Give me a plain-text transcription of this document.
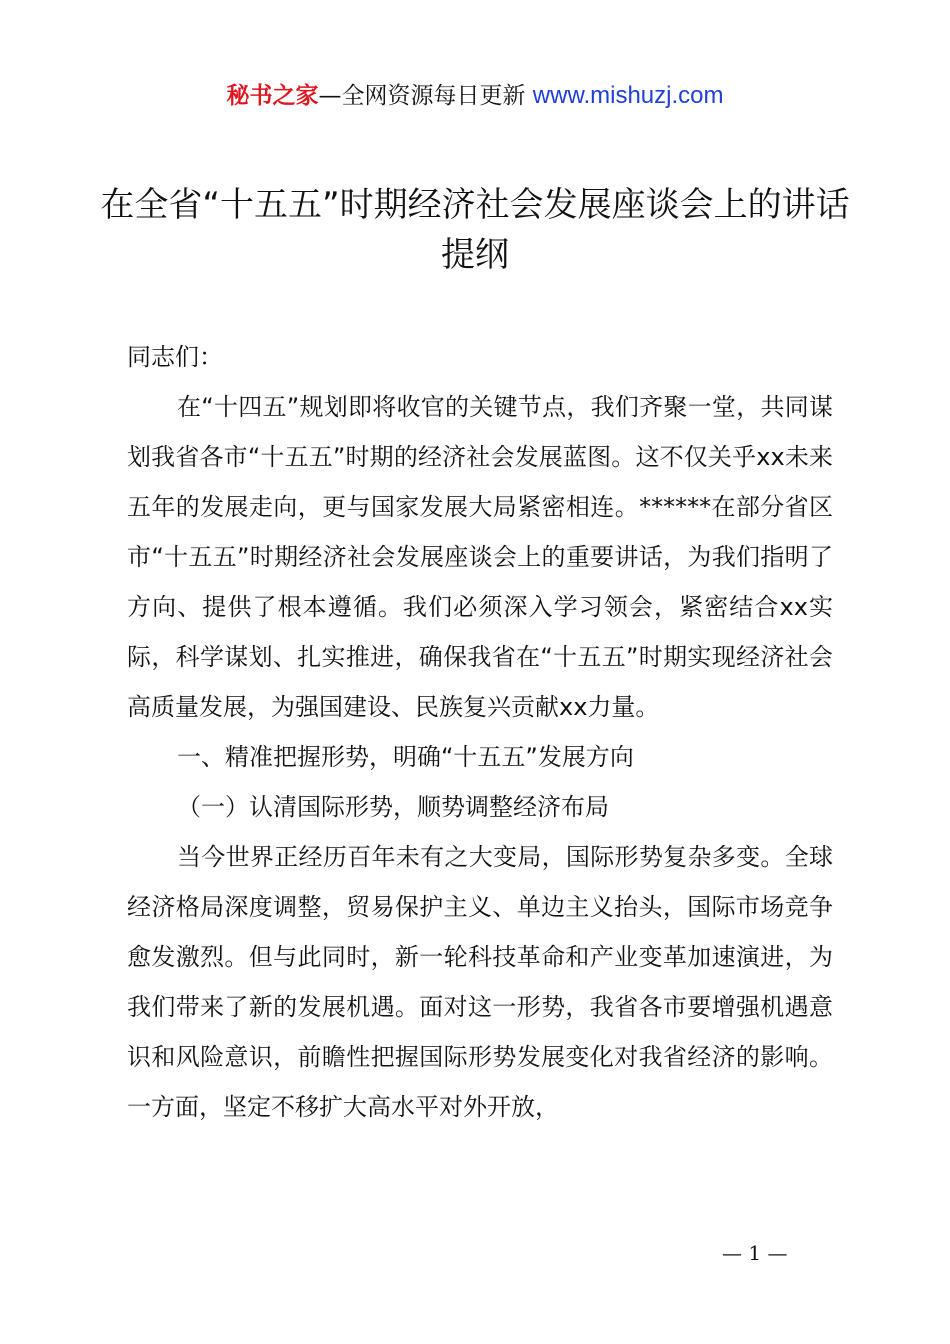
秘书之家—全网资源每日更新 www.mishuzj.com
在全省“十五五”时期经济社会发展座谈会上的讲话提纲

同志们：

在“十四五”规划即将收官的关键节点，我们齐聚一堂，共同谋划我省各市“十五五”时期的经济社会发展蓝图。这不仅关乎xx未来五年的发展走向，更与国家发展大局紧密相连。******在部分省区市“十五五”时期经济社会发展座谈会上的重要讲话，为我们指明了方向、提供了根本遵循。我们必须深入学习领会，紧密结合xx实际，科学谋划、扎实推进，确保我省在“十五五”时期实现经济社会高质量发展，为强国建设、民族复兴贡献xx力量。

一、精准把握形势，明确“十五五”发展方向

（一）认清国际形势，顺势调整经济布局

当今世界正经历百年未有之大变局，国际形势复杂多变。全球经济格局深度调整，贸易保护主义、单边主义抬头，国际市场竞争愈发激烈。但与此同时，新一轮科技革命和产业变革加速演进，为我们带来了新的发展机遇。面对这一形势，我省各市要增强机遇意识和风险意识，前瞻性把握国际形势发展变化对我省经济的影响。一方面，坚定不移扩大高水平对外开放，

— 1 —
